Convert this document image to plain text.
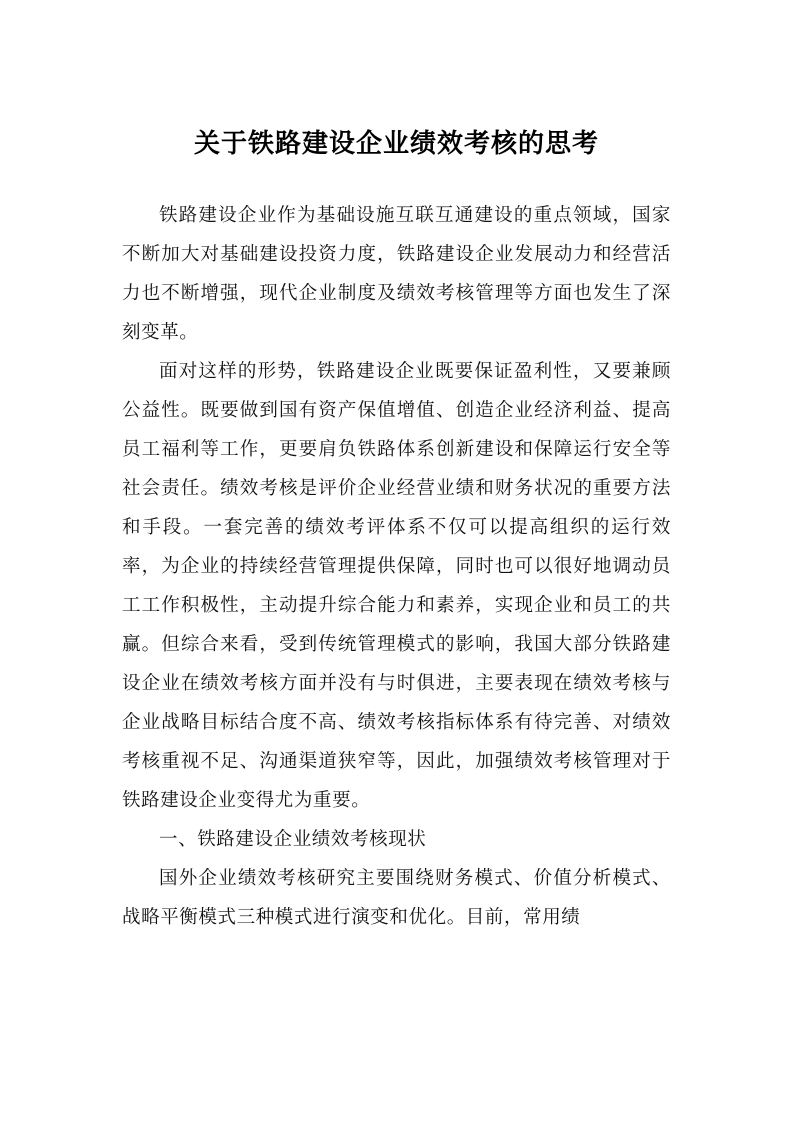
关于铁路建设企业绩效考核的思考

铁路建设企业作为基础设施互联互通建设的重点领域，国家不断加大对基础建设投资力度，铁路建设企业发展动力和经营活力也不断增强，现代企业制度及绩效考核管理等方面也发生了深刻变革。

面对这样的形势，铁路建设企业既要保证盈利性，又要兼顾公益性。既要做到国有资产保值增值、创造企业经济利益、提高员工福利等工作，更要肩负铁路体系创新建设和保障运行安全等社会责任。绩效考核是评价企业经营业绩和财务状况的重要方法和手段。一套完善的绩效考评体系不仅可以提高组织的运行效率，为企业的持续经营管理提供保障，同时也可以很好地调动员工工作积极性，主动提升综合能力和素养，实现企业和员工的共赢。但综合来看，受到传统管理模式的影响，我国大部分铁路建设企业在绩效考核方面并没有与时俱进，主要表现在绩效考核与企业战略目标结合度不高、绩效考核指标体系有待完善、对绩效考核重视不足、沟通渠道狭窄等，因此，加强绩效考核管理对于铁路建设企业变得尤为重要。

一、铁路建设企业绩效考核现状

国外企业绩效考核研究主要围绕财务模式、价值分析模式、战略平衡模式三种模式进行演变和优化。目前，常用绩
